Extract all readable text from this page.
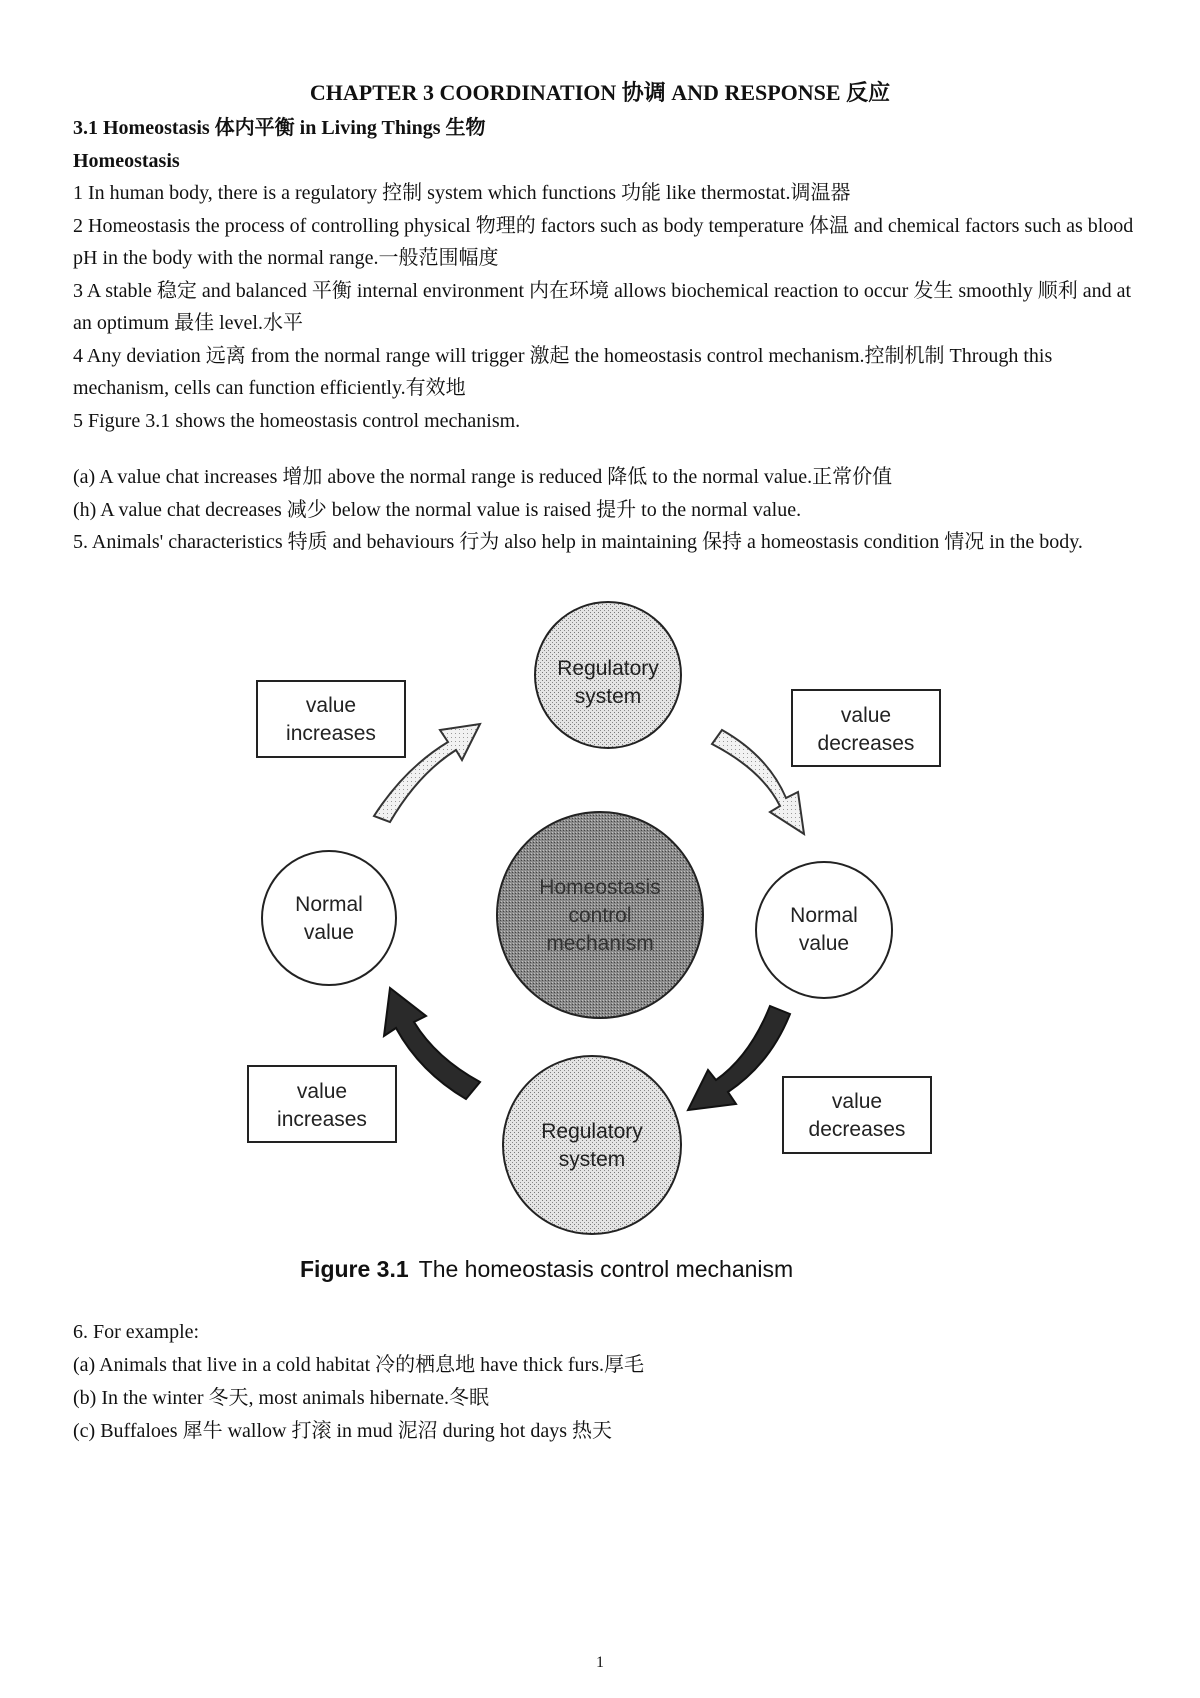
CHAPTER 3 COORDINATION 协调 AND RESPONSE 反应

3.1 Homeostasis 体内平衡 in Living Things 生物

Homeostasis

1 In human body, there is a regulatory 控制 system which functions 功能 like thermostat.调温器

2 Homeostasis the process of controlling physical 物理的 factors such as body temperature 体温 and chemical factors such as blood pH in the body with the normal range.一般范围幅度

3 A stable 稳定 and balanced 平衡 internal environment 内在环境 allows biochemical reaction to occur 发生 smoothly 顺利 and at an optimum 最佳 level.水平

4 Any deviation 远离 from the normal range will trigger 激起 the homeostasis control mechanism.控制机制 Through this mechanism, cells can function efficiently.有效地

5 Figure 3.1 shows the homeostasis control mechanism.

(a) A value chat increases 增加 above the normal range is reduced 降低 to the normal value.正常价值

(h) A value chat decreases 减少 below the normal value is raised 提升 to the normal value.

5. Animals' characteristics 特质 and behaviours 行为 also help in maintaining 保持 a homeostasis condition 情况 in the body.

Regulatory
system
Homeostasis
control
mechanism
Normal
value
Normal
value
Regulatory
system
value
increases
value
decreases
value
increases
value
decreases
Figure 3.1 The homeostasis control mechanism

6. For example:

(a) Animals that live in a cold habitat 冷的栖息地 have thick furs.厚毛

(b) In the winter 冬天, most animals hibernate.冬眠

(c) Buffaloes 犀牛 wallow 打滚 in mud 泥沼 during hot days 热天

1
